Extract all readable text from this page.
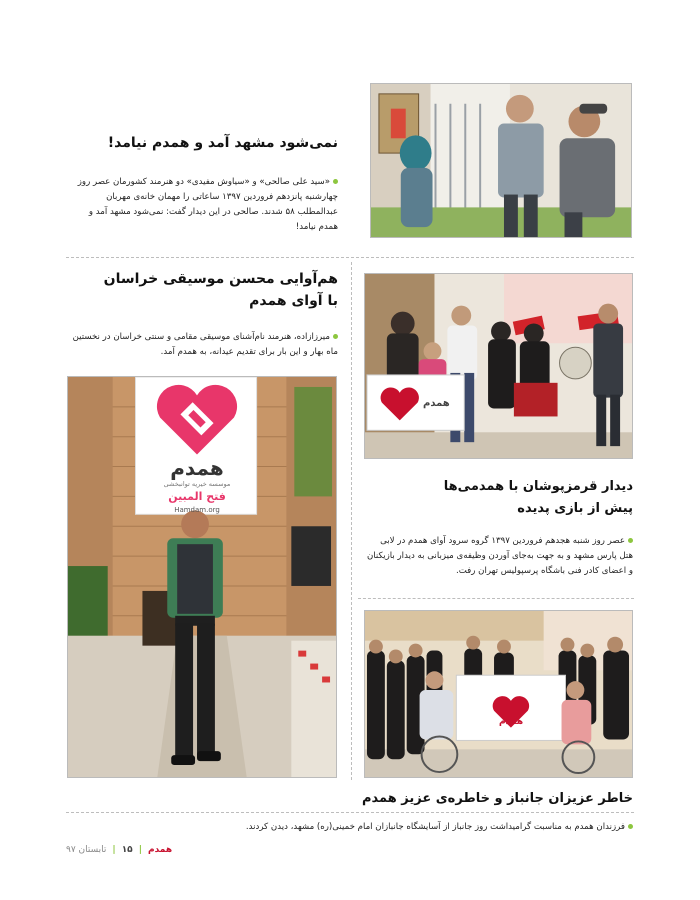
نمی‌شود مشهد آمد و همدم نیامد!
«سید علی صالحی» و «سیاوش مفیدی» دو هنرمند کشورمان عصر روز چهارشنبه پانزدهم فروردین ۱۳۹۷ ساعاتی را مهمان خانه‌ی مهربان عبدالمطلب ۵۸ شدند. صالحی در این دیدار گفت: نمی‌شود مشهد آمد و همدم نیامد!
هم‌آوایی محسن موسیقی خراسان
با آوای همدم
میرزازاده، هنرمند نام‌آشنای موسیقی مقامی و سنتی خراسان در نخستین ماه بهار و این بار برای تقدیم عیدانه، به همدم آمد.
همدم
موسسه خیریه توانبخشی
فتح المبین
Hamdam.org
همدم
دیدار قرمزپوشان با همدمی‌ها
پیش از بازی پدیده
عصر روز شنبه هجدهم فروردین ۱۳۹۷ گروه سرود آوای همدم در لابی هتل پارس مشهد و به جهت به‌جای آوردن وظیفه‌ی میزبانی به دیدار بازیکنان و اعضای کادر فنی باشگاه پرسپولیس تهران رفت.
همدم
خاطر عزیزان جانباز و خاطره‌ی عزیز همدم
فرزندان همدم به مناسبت گرامیداشت روز جانباز از آسایشگاه جانبازان امام خمینی(ره) مشهد، دیدن کردند.
همدم
|
۱۵
|
تابستان ۹۷
